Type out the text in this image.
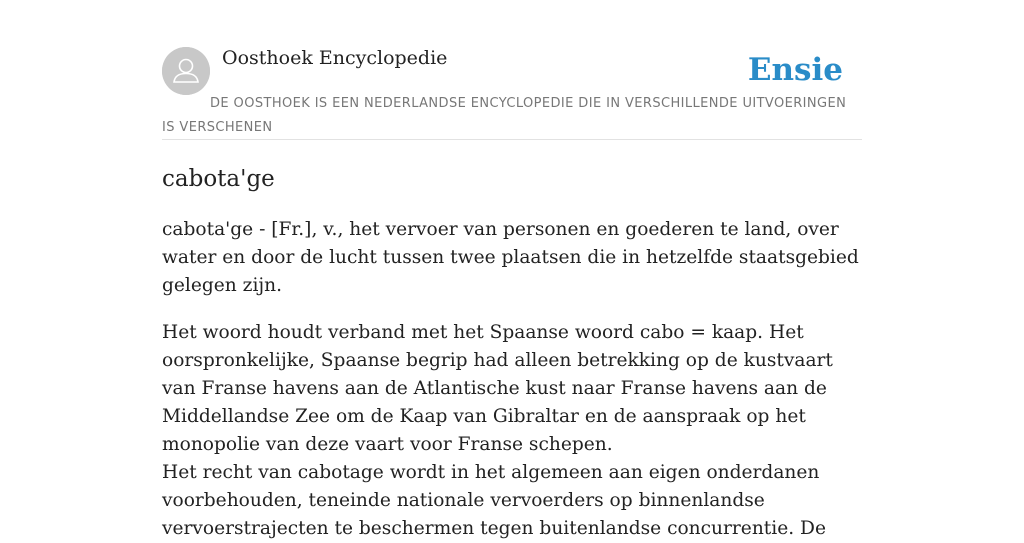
Oosthoek Encyclopedie	Ensie
DE OOSTHOEK IS EEN NEDERLANDSE ENCYCLOPEDIE DIE IN VERSCHILLENDE UITVOERINGEN IS VERSCHENEN
cabota'ge

cabota'ge - [Fr.], v., het vervoer van personen en goederen te land, over water en door de lucht tussen twee plaatsen die in hetzelfde staatsgebied gelegen zijn.

Het woord houdt verband met het Spaanse woord cabo = kaap. Het oorspronkelijke, Spaanse begrip had alleen betrekking op de kustvaart van Franse havens aan de Atlantische kust naar Franse havens aan de Middellandse Zee om de Kaap van Gibraltar en de aanspraak op het monopolie van deze vaart voor Franse schepen.

Het recht van cabotage wordt in het algemeen aan eigen onderdanen voorbehouden, teneinde nationale vervoerders op binnenlandse vervoerstrajecten te beschermen tegen buitenlandse concurrentie. De
